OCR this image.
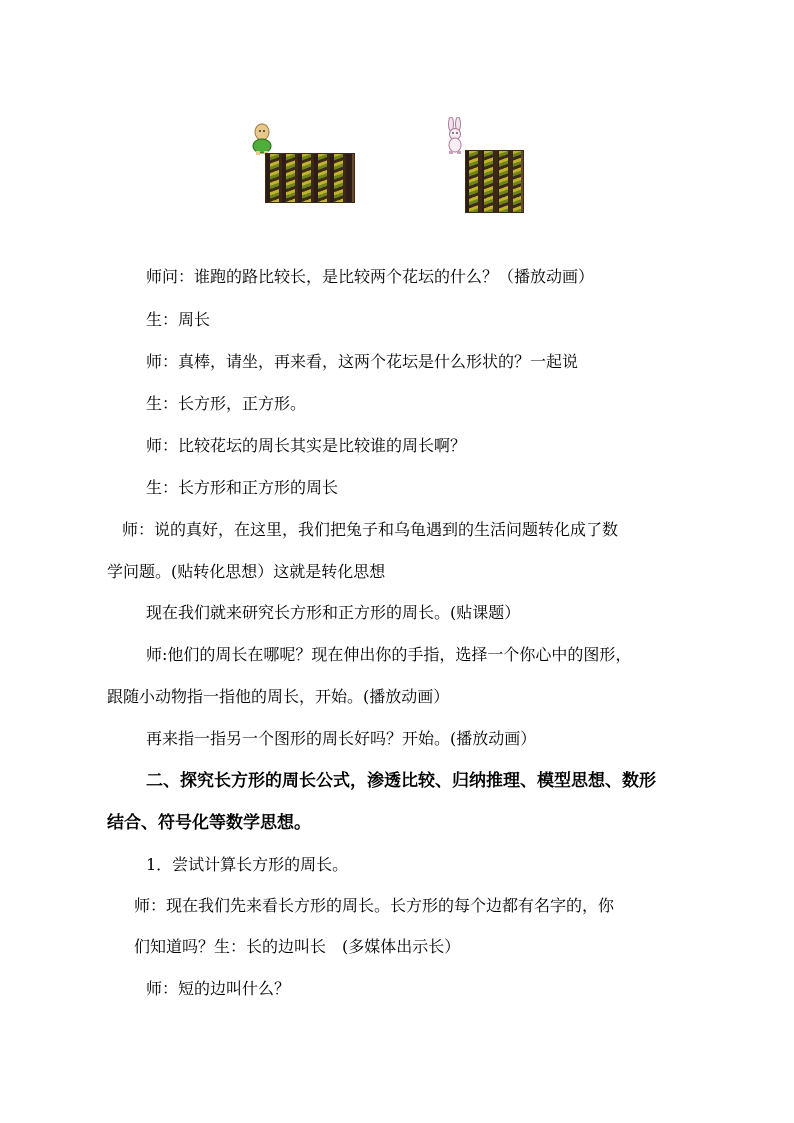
师问：谁跑的路比较长，是比较两个花坛的什么？（播放动画）
生：周长
师：真棒，请坐，再来看，这两个花坛是什么形状的？一起说
生：长方形，正方形。
师：比较花坛的周长其实是比较谁的周长啊？
生：长方形和正方形的周长
师：说的真好，在这里，我们把兔子和乌龟遇到的生活问题转化成了数
学问题。(贴转化思想）这就是转化思想
现在我们就来研究长方形和正方形的周长。(贴课题）
师:他们的周长在哪呢？现在伸出你的手指，选择一个你心中的图形，
跟随小动物指一指他的周长，开始。(播放动画）
再来指一指另一个图形的周长好吗？开始。(播放动画）
二、探究长方形的周长公式，渗透比较、归纳推理、模型思想、数形
结合、符号化等数学思想。
1．尝试计算长方形的周长。
师：现在我们先来看长方形的周长。长方形的每个边都有名字的，你
们知道吗？生：长的边叫长　(多媒体出示长）
师：短的边叫什么？
